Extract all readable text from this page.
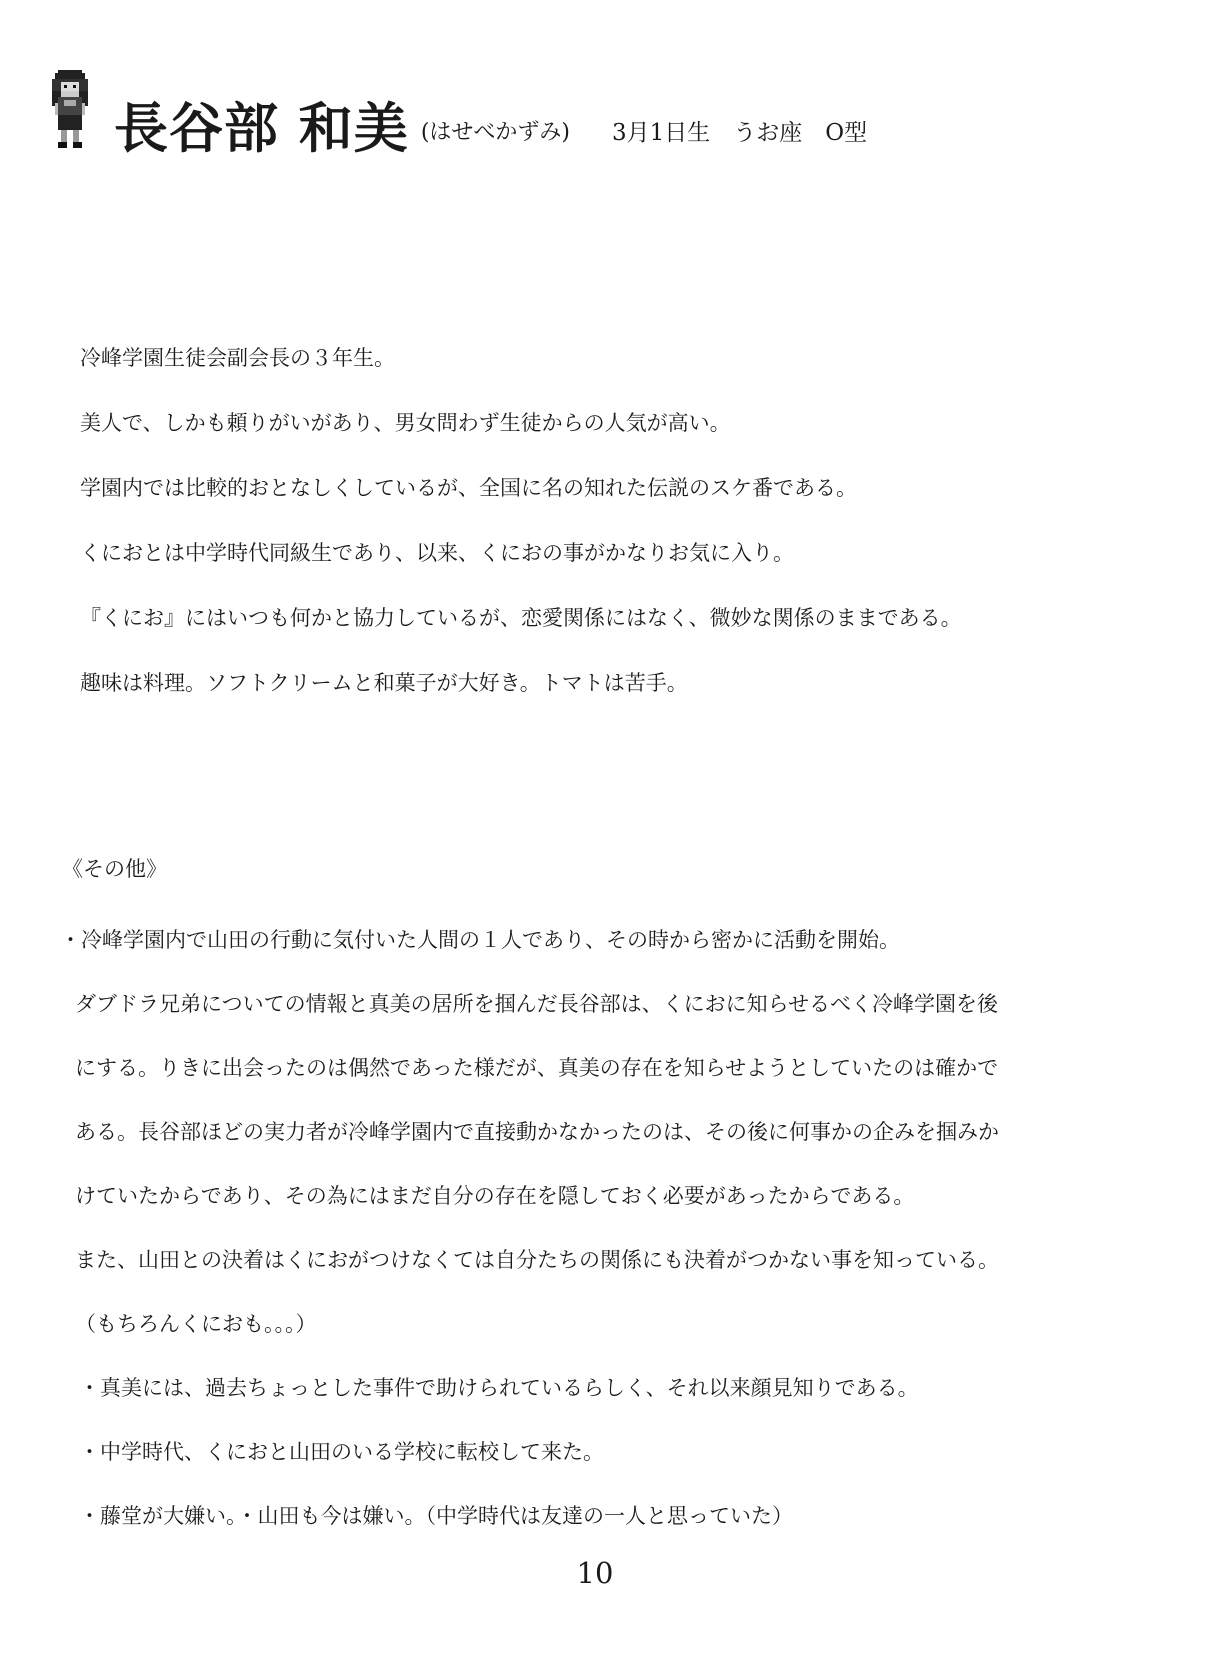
長谷部 和美 (はせべかずみ) 3月1日生　うお座　O型

冷峰学園生徒会副会長の３年生。

美人で、しかも頼りがいがあり、男女問わず生徒からの人気が高い。

学園内では比較的おとなしくしているが、全国に名の知れた伝説のスケ番である。

くにおとは中学時代同級生であり、以来、くにおの事がかなりお気に入り。

『くにお』にはいつも何かと協力しているが、恋愛関係にはなく、微妙な関係のままである。

趣味は料理。ソフトクリームと和菓子が大好き。トマトは苦手。

《その他》

・冷峰学園内で山田の行動に気付いた人間の１人であり、その時から密かに活動を開始。

ダブドラ兄弟についての情報と真美の居所を掴んだ長谷部は、くにおに知らせるべく冷峰学園を後

にする。りきに出会ったのは偶然であった様だが、真美の存在を知らせようとしていたのは確かで

ある。長谷部ほどの実力者が冷峰学園内で直接動かなかったのは、その後に何事かの企みを掴みか

けていたからであり、その為にはまだ自分の存在を隠しておく必要があったからである。

また、山田との決着はくにおがつけなくては自分たちの関係にも決着がつかない事を知っている。

（もちろんくにおも。。。）

・真美には、過去ちょっとした事件で助けられているらしく、それ以来顔見知りである。

・中学時代、くにおと山田のいる学校に転校して来た。

・藤堂が大嫌い。・山田も今は嫌い。（中学時代は友達の一人と思っていた）

10
